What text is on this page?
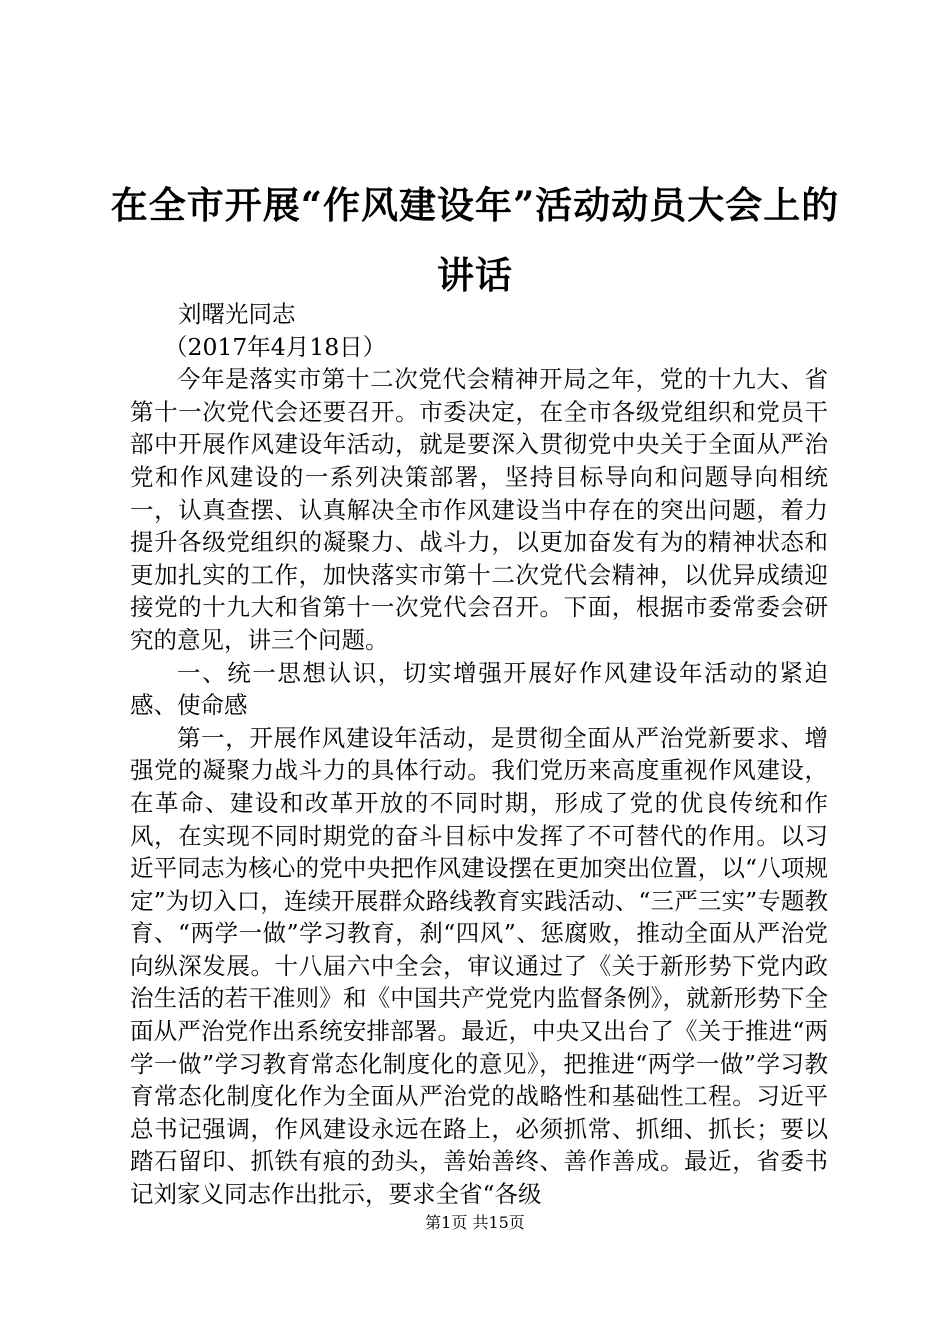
在全市开展“作风建设年”活动动员大会上的讲话
刘曙光同志
（2017年4月18日）

今年是落实市第十二次党代会精神开局之年，党的十九大、省第十一次党代会还要召开。市委决定，在全市各级党组织和党员干部中开展作风建设年活动，就是要深入贯彻党中央关于全面从严治党和作风建设的一系列决策部署，坚持目标导向和问题导向相统一，认真查摆、认真解决全市作风建设当中存在的突出问题，着力提升各级党组织的凝聚力、战斗力，以更加奋发有为的精神状态和更加扎实的工作，加快落实市第十二次党代会精神，以优异成绩迎接党的十九大和省第十一次党代会召开。下面，根据市委常委会研究的意见，讲三个问题。

一、统一思想认识，切实增强开展好作风建设年活动的紧迫感、使命感

第一，开展作风建设年活动，是贯彻全面从严治党新要求、增强党的凝聚力战斗力的具体行动。我们党历来高度重视作风建设，在革命、建设和改革开放的不同时期，形成了党的优良传统和作风，在实现不同时期党的奋斗目标中发挥了不可替代的作用。以习近平同志为核心的党中央把作风建设摆在更加突出位置，以“八项规定”为切入口，连续开展群众路线教育实践活动、“三严三实”专题教育、“两学一做”学习教育，刹“四风”、惩腐败，推动全面从严治党向纵深发展。十八届六中全会，审议通过了《关于新形势下党内政治生活的若干准则》和《中国共产党党内监督条例》，就新形势下全面从严治党作出系统安排部署。最近，中央又出台了《关于推进“两学一做”学习教育常态化制度化的意见》，把推进“两学一做”学习教育常态化制度化作为全面从严治党的战略性和基础性工程。习近平总书记强调，作风建设永远在路上，必须抓常、抓细、抓长；要以踏石留印、抓铁有痕的劲头，善始善终、善作善成。最近，省委书记刘家义同志作出批示，要求全省“各级

第1页 共15页
